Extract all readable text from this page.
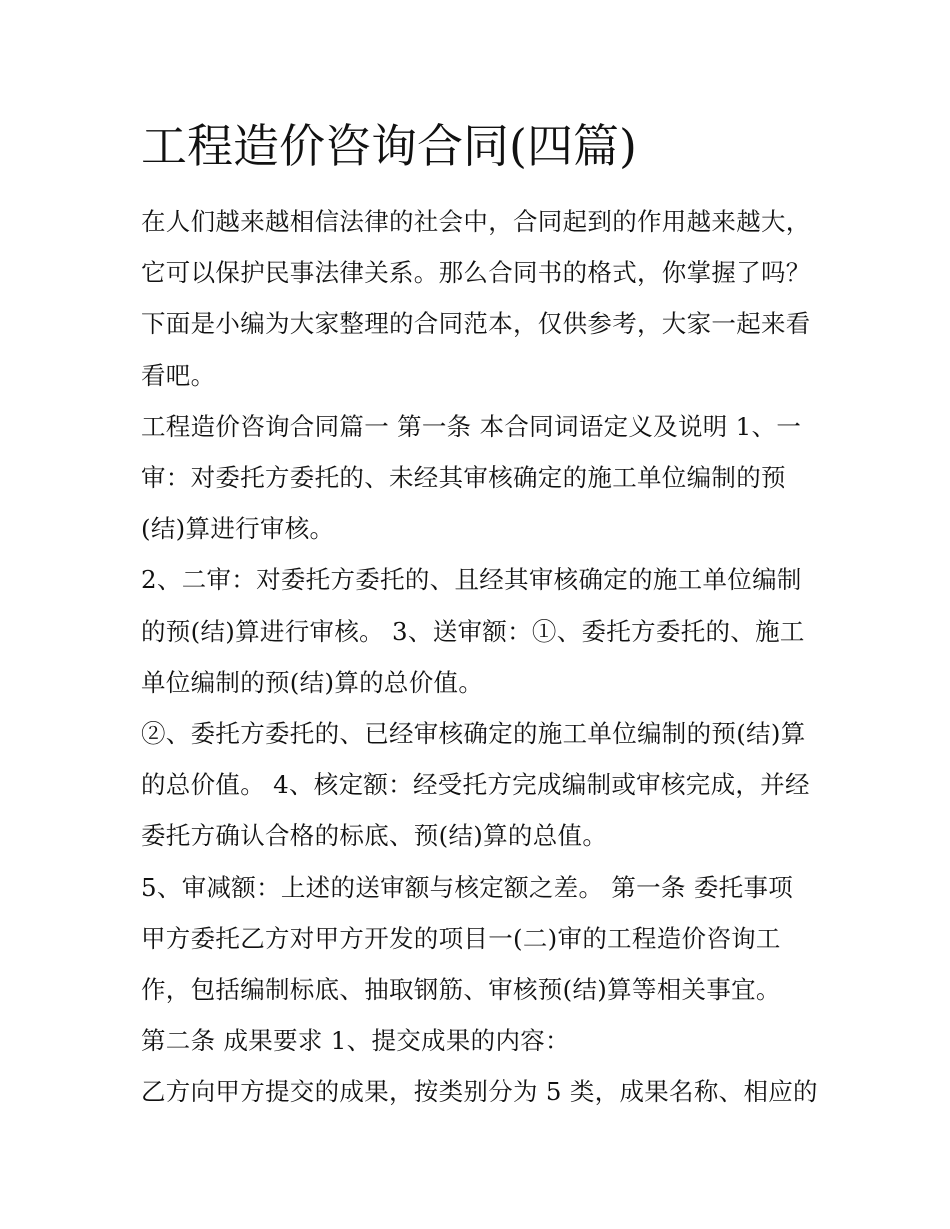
工程造价咨询合同(四篇)

在人们越来越相信法律的社会中，合同起到的作用越来越大，
它可以保护民事法律关系。那么合同书的格式，你掌握了吗？
下面是小编为大家整理的合同范本，仅供参考，大家一起来看
看吧。

工程造价咨询合同篇一 第一条 本合同词语定义及说明 1、一
审：对委托方委托的、未经其审核确定的施工单位编制的预
(结)算进行审核。

2、二审：对委托方委托的、且经其审核确定的施工单位编制
的预(结)算进行审核。 3、送审额：①、委托方委托的、施工
单位编制的预(结)算的总价值。

②、委托方委托的、已经审核确定的施工单位编制的预(结)算
的总价值。 4、核定额：经受托方完成编制或审核完成，并经
委托方确认合格的标底、预(结)算的总值。

5、审减额：上述的送审额与核定额之差。 第一条 委托事项
甲方委托乙方对甲方开发的项目一(二)审的工程造价咨询工
作，包括编制标底、抽取钢筋、审核预(结)算等相关事宜。

第二条 成果要求 1、提交成果的内容：

乙方向甲方提交的成果，按类别分为 5 类，成果名称、相应的
